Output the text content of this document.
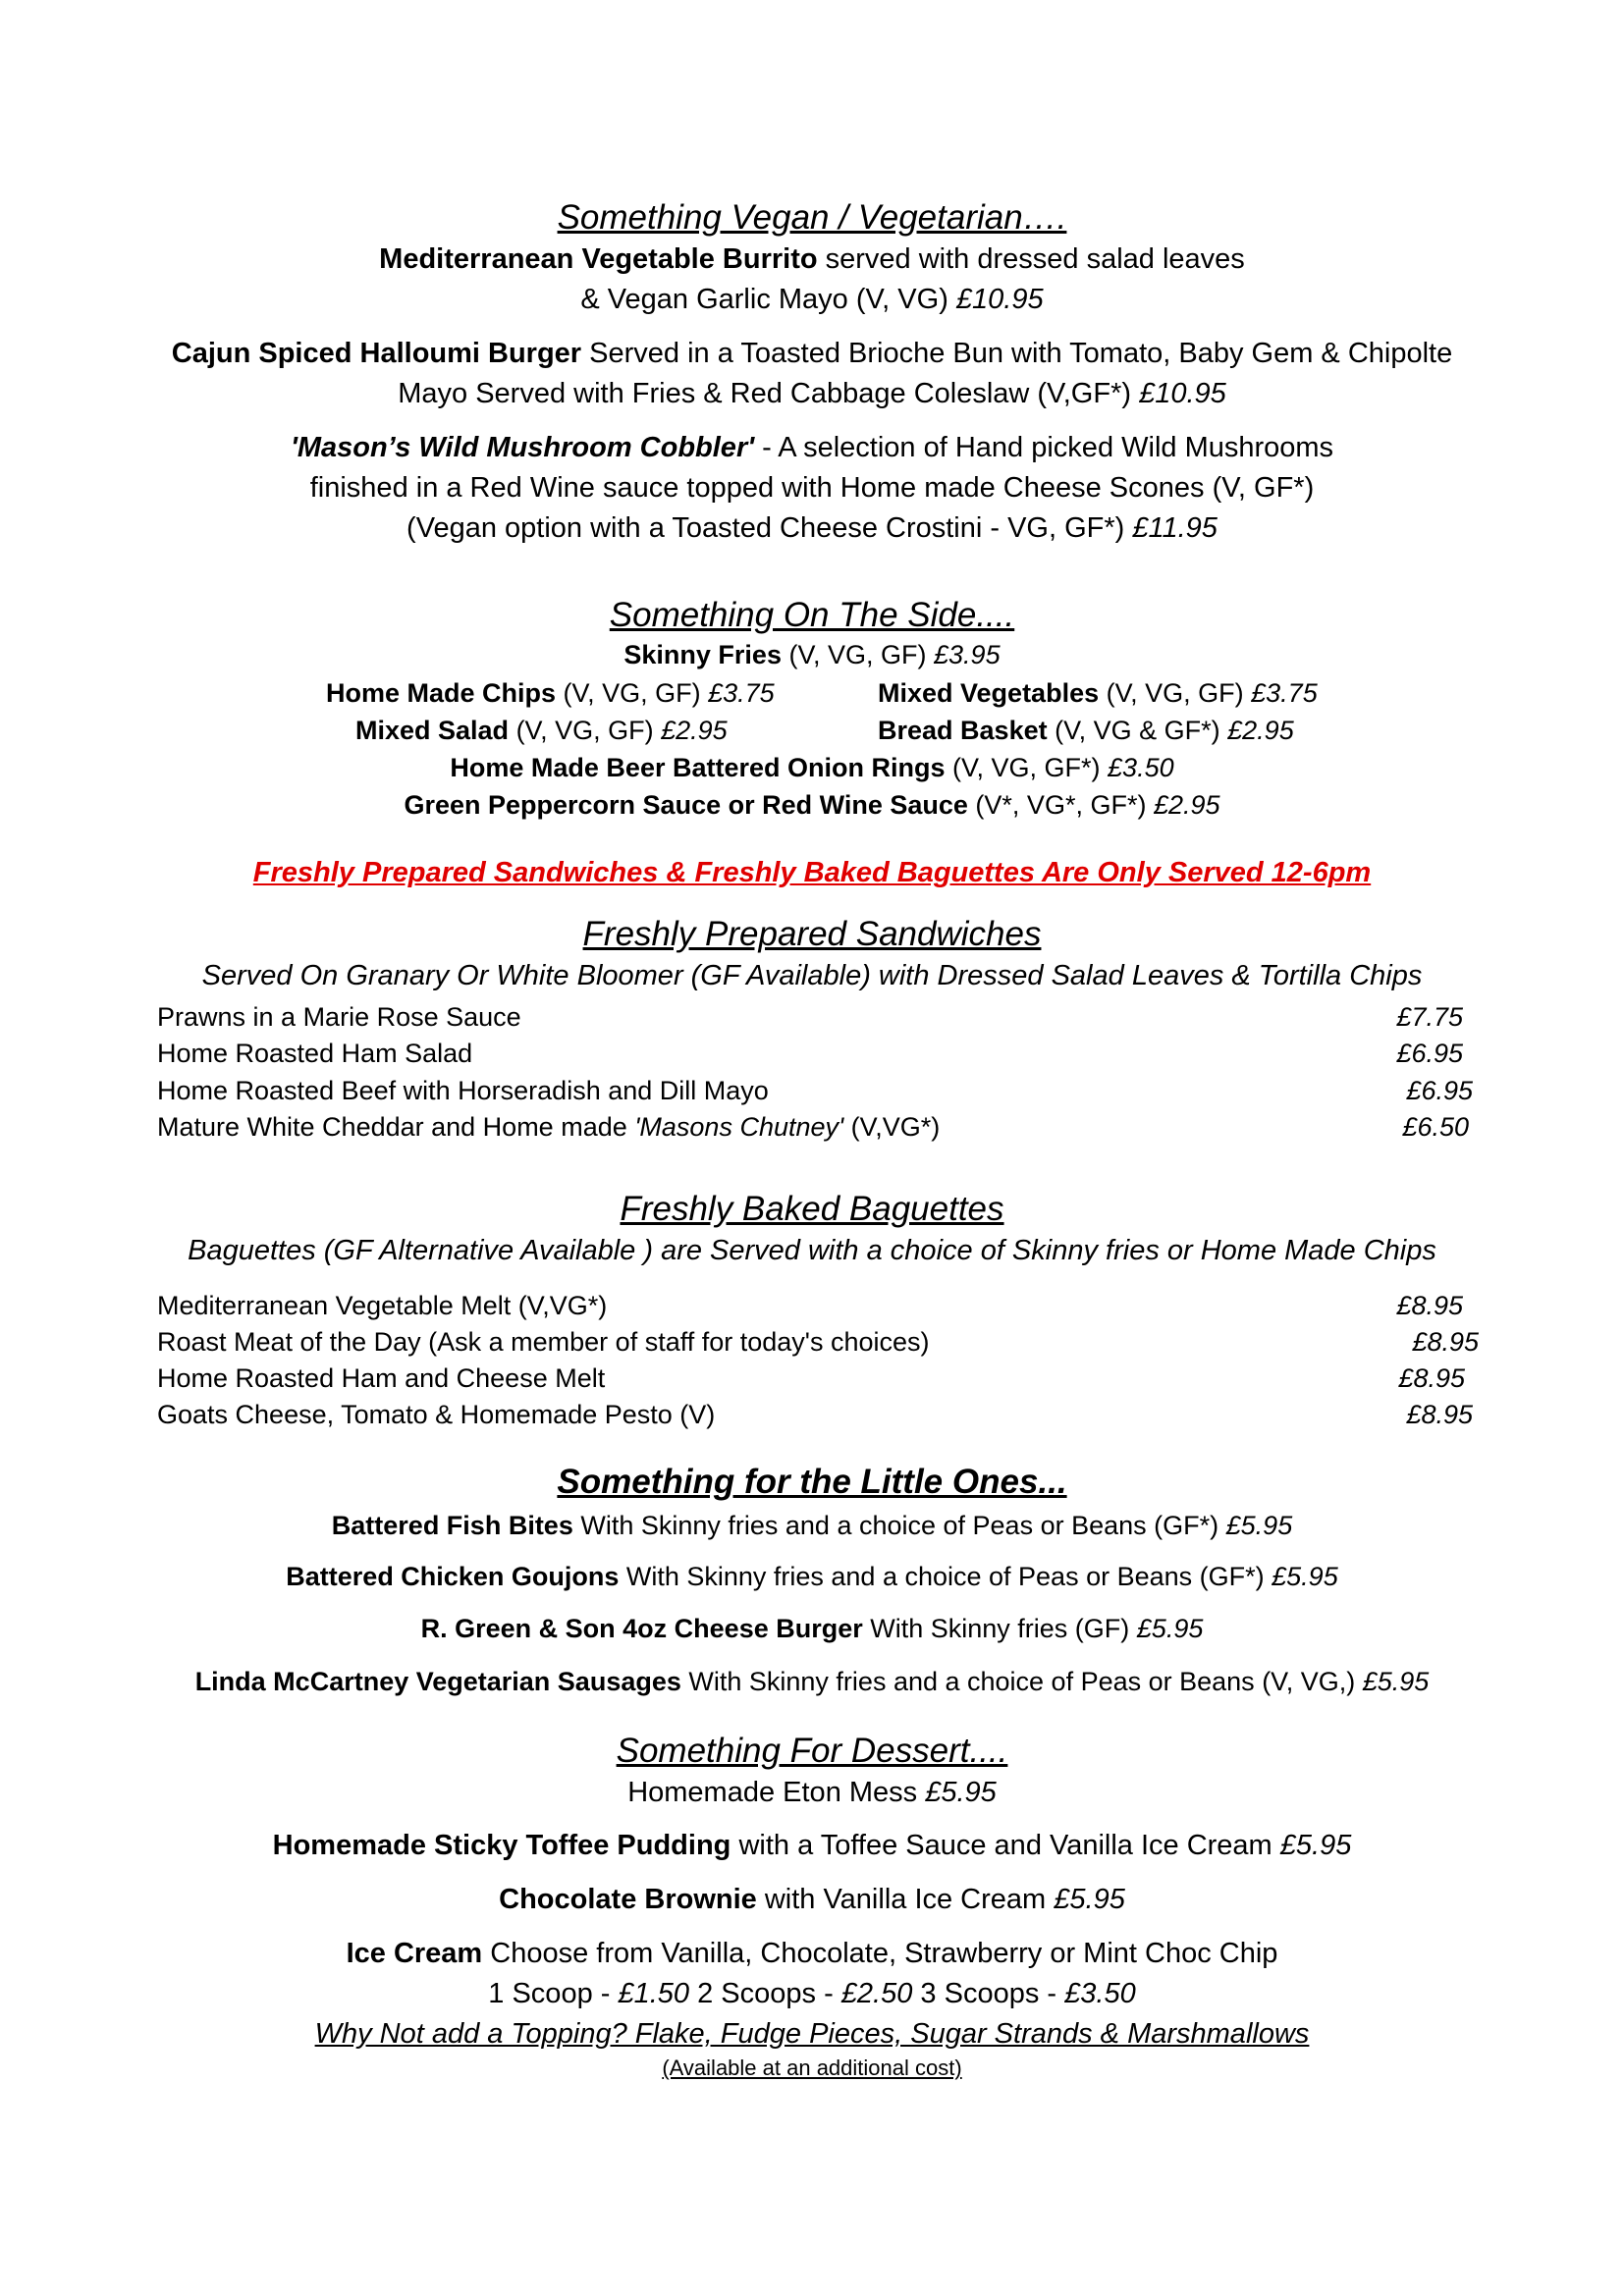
Something Vegan / Vegetarian….

Mediterranean Vegetable Burrito served with dressed salad leaves

& Vegan Garlic Mayo (V, VG) £10.95

Cajun Spiced Halloumi Burger Served in a Toasted Brioche Bun with Tomato, Baby Gem & Chipolte

Mayo Served with Fries & Red Cabbage Coleslaw (V,GF*) £10.95

'Mason’s Wild Mushroom Cobbler' - A selection of Hand picked Wild Mushrooms

finished in a Red Wine sauce topped with Home made Cheese Scones (V, GF*)

(Vegan option with a Toasted Cheese Crostini - VG, GF*) £11.95

Something On The Side....

Skinny Fries (V, VG, GF) £3.95

Home Made Chips (V, VG, GF) £3.75	Mixed Vegetables (V, VG, GF) £3.75
Mixed Salad (V, VG, GF) £2.95	Bread Basket (V, VG & GF*) £2.95

Home Made Beer Battered Onion Rings (V, VG, GF*) £3.50

Green Peppercorn Sauce or Red Wine Sauce (V*, VG*, GF*) £2.95

Freshly Prepared Sandwiches & Freshly Baked Baguettes Are Only Served 12-6pm

Freshly Prepared Sandwiches

Served On Granary Or White Bloomer (GF Available) with Dressed Salad Leaves & Tortilla Chips

Prawns in a Marie Rose Sauce	£7.75
Home Roasted Ham Salad	£6.95
Home Roasted Beef with Horseradish and Dill Mayo	£6.95
Mature White Cheddar and Home made 'Masons Chutney' (V,VG*)	£6.50

Freshly Baked Baguettes

Baguettes (GF Alternative Available ) are Served with a choice of Skinny fries or Home Made Chips

Mediterranean Vegetable Melt (V,VG*)	£8.95
Roast Meat of the Day (Ask a member of staff for today's choices)	£8.95
Home Roasted Ham and Cheese Melt	£8.95
Goats Cheese, Tomato & Homemade Pesto (V)	£8.95

Something for the Little Ones...

Battered Fish Bites With Skinny fries and a choice of Peas or Beans (GF*) £5.95

Battered Chicken Goujons With Skinny fries and a choice of Peas or Beans (GF*) £5.95

R. Green & Son 4oz Cheese Burger With Skinny fries (GF) £5.95

Linda McCartney Vegetarian Sausages With Skinny fries and a choice of Peas or Beans (V, VG,) £5.95

Something For Dessert....

Homemade Eton Mess £5.95

Homemade Sticky Toffee Pudding with a Toffee Sauce and Vanilla Ice Cream £5.95

Chocolate Brownie with Vanilla Ice Cream £5.95

Ice Cream Choose from Vanilla, Chocolate, Strawberry or Mint Choc Chip

1 Scoop - £1.50 2 Scoops - £2.50 3 Scoops - £3.50

Why Not add a Topping? Flake, Fudge Pieces, Sugar Strands & Marshmallows

(Available at an additional cost)
